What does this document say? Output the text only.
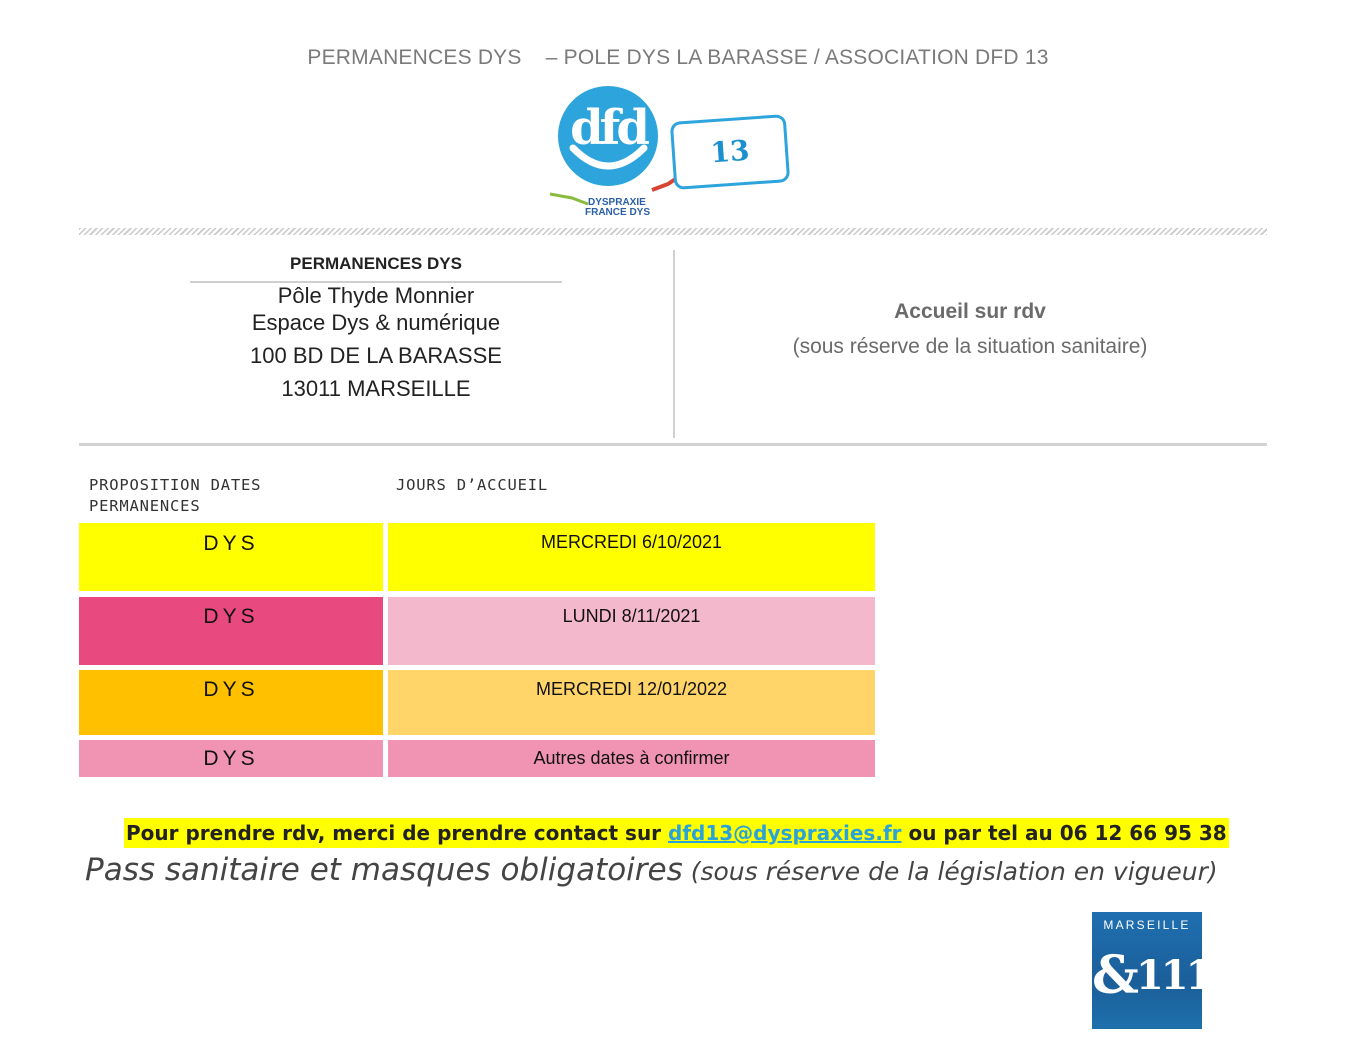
PERMANENCES DYS    – POLE DYS LA BARASSE / ASSOCIATION DFD 13
dfd	13
DYSPRAXIE
FRANCE DYS
PERMANENCES DYS
Pôle Thyde Monnier
Espace Dys & numérique
100 BD DE LA BARASSE
13011 MARSEILLE
Accueil sur rdv
(sous réserve de la situation sanitaire)
PROPOSITION DATES PERMANENCES
JOURS D’ACCUEIL
DYS	MERCREDI 6/10/2021
DYS	LUNDI 8/11/2021
DYS	MERCREDI 12/01/2022
DYS	Autres dates à confirmer
Pour prendre rdv, merci de prendre contact sur dfd13@dyspraxies.fr ou par tel au 06 12 66 95 38
Pass sanitaire et masques obligatoires (sous réserve de la législation en vigueur)
MARSEILLE
&$^{11}$12
